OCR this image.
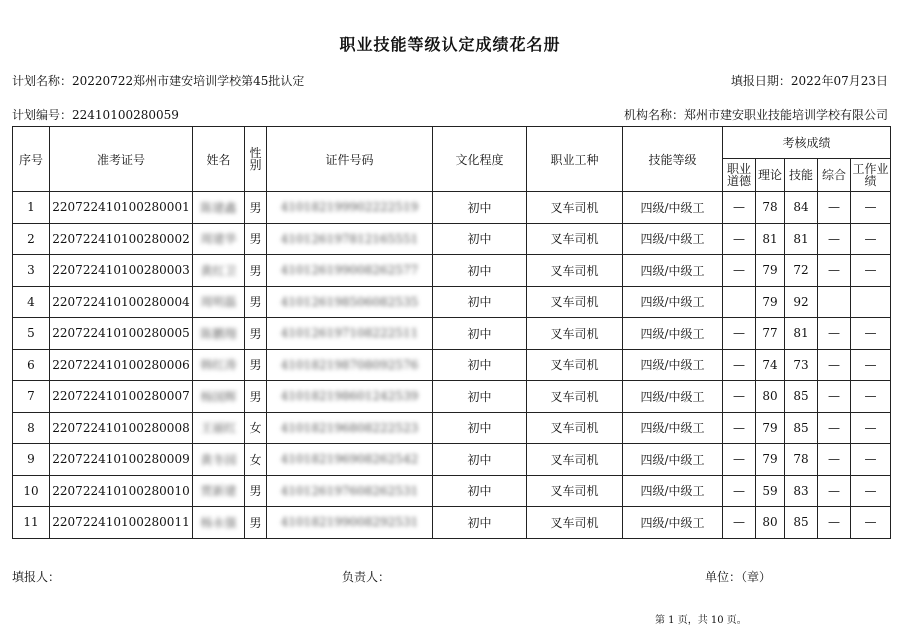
职业技能等级认定成绩花名册
计划名称：20220722郑州市建安培训学校第45批认定	填报日期：2022年07月23日
计划编号：22410100280059	机构名称：郑州市建安职业技能培训学校有限公司
序号	准考证号	姓名	性别	证件号码	文化程度	职业工种	技能等级	考核成绩				
								职业道德	理论	技能	综合	工作业绩
1	220722410100280001	陈建鑫	男	410182199902222519	初中	叉车司机	四级/中级工	—	78	84	—	—
2	220722410100280002	周建华	男	410126197812165551	初中	叉车司机	四级/中级工	—	81	81	—	—
3	220722410100280003	黄红卫	男	410126199008262577	初中	叉车司机	四级/中级工	—	79	72	—	—
4	220722410100280004	周明磊	男	410126198506082535	初中	叉车司机	四级/中级工		79	92		
5	220722410100280005	陈鹏翔	男	410126197108222511	初中	叉车司机	四级/中级工	—	77	81	—	—
6	220722410100280006	韩红涛	男	410182198708092576	初中	叉车司机	四级/中级工	—	74	73	—	—
7	220722410100280007	杨国辉	男	410182198601242539	初中	叉车司机	四级/中级工	—	80	85	—	—
8	220722410100280008	王丽红	女	410182196808222523	初中	叉车司机	四级/中级工	—	79	85	—	—
9	220722410100280009	黄冬园	女	410182196908262542	初中	叉车司机	四级/中级工	—	79	78	—	—
10	220722410100280010	贾新建	男	410126197608262531	初中	叉车司机	四级/中级工	—	59	83	—	—
11	220722410100280011	杨永强	男	410182199008292531	初中	叉车司机	四级/中级工	—	80	85	—	—
填报人：	负责人：	单位：（章）
第 1 页，共 10 页。
